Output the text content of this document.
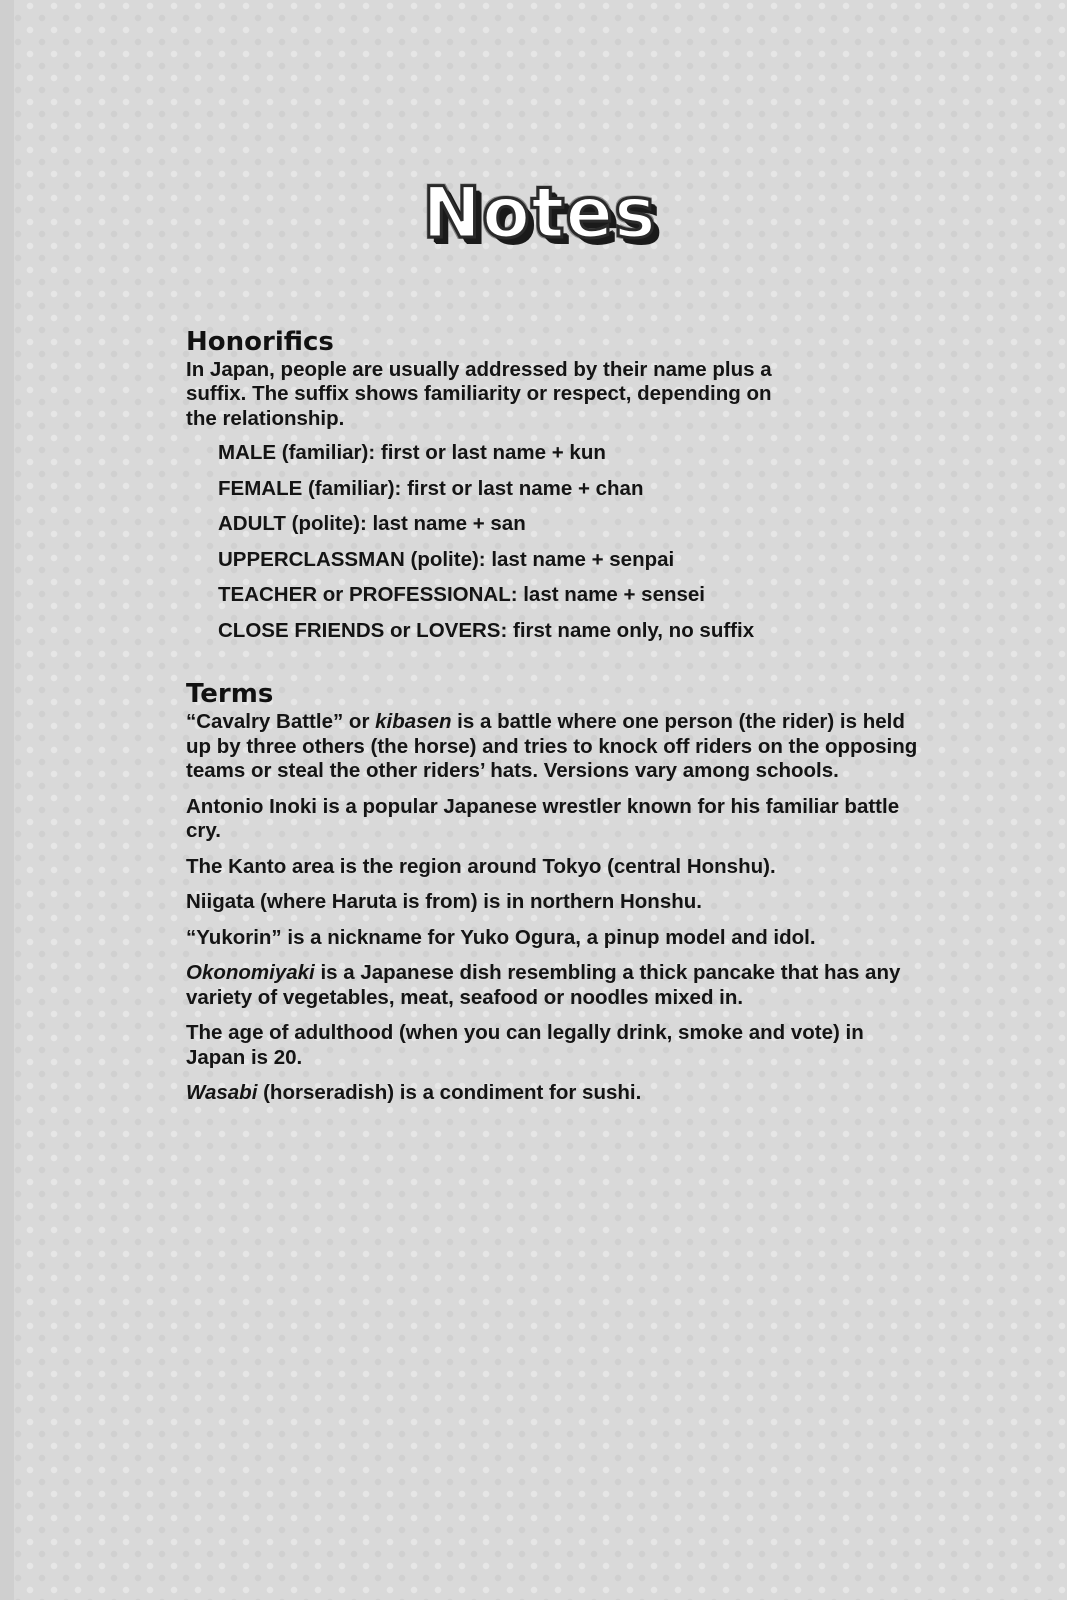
Notes
Honorifics

In Japan, people are usually addressed by their name plus a suffix. The suffix shows familiarity or respect, depending on the relationship.

MALE (familiar): first or last name + kun
FEMALE (familiar): first or last name + chan
ADULT (polite): last name + san
UPPERCLASSMAN (polite): last name + senpai
TEACHER or PROFESSIONAL: last name + sensei
CLOSE FRIENDS or LOVERS: first name only, no suffix
Terms

“Cavalry Battle” or kibasen is a battle where one person (the rider) is held up by three others (the horse) and tries to knock off riders on the opposing teams or steal the other riders’ hats. Versions vary among schools.

Antonio Inoki is a popular Japanese wrestler known for his familiar battle cry.

The Kanto area is the region around Tokyo (central Honshu).

Niigata (where Haruta is from) is in northern Honshu.

“Yukorin” is a nickname for Yuko Ogura, a pinup model and idol.

Okonomiyaki is a Japanese dish resembling a thick pancake that has any variety of vegetables, meat, seafood or noodles mixed in.

The age of adulthood (when you can legally drink, smoke and vote) in Japan is 20.

Wasabi (horseradish) is a condiment for sushi.
